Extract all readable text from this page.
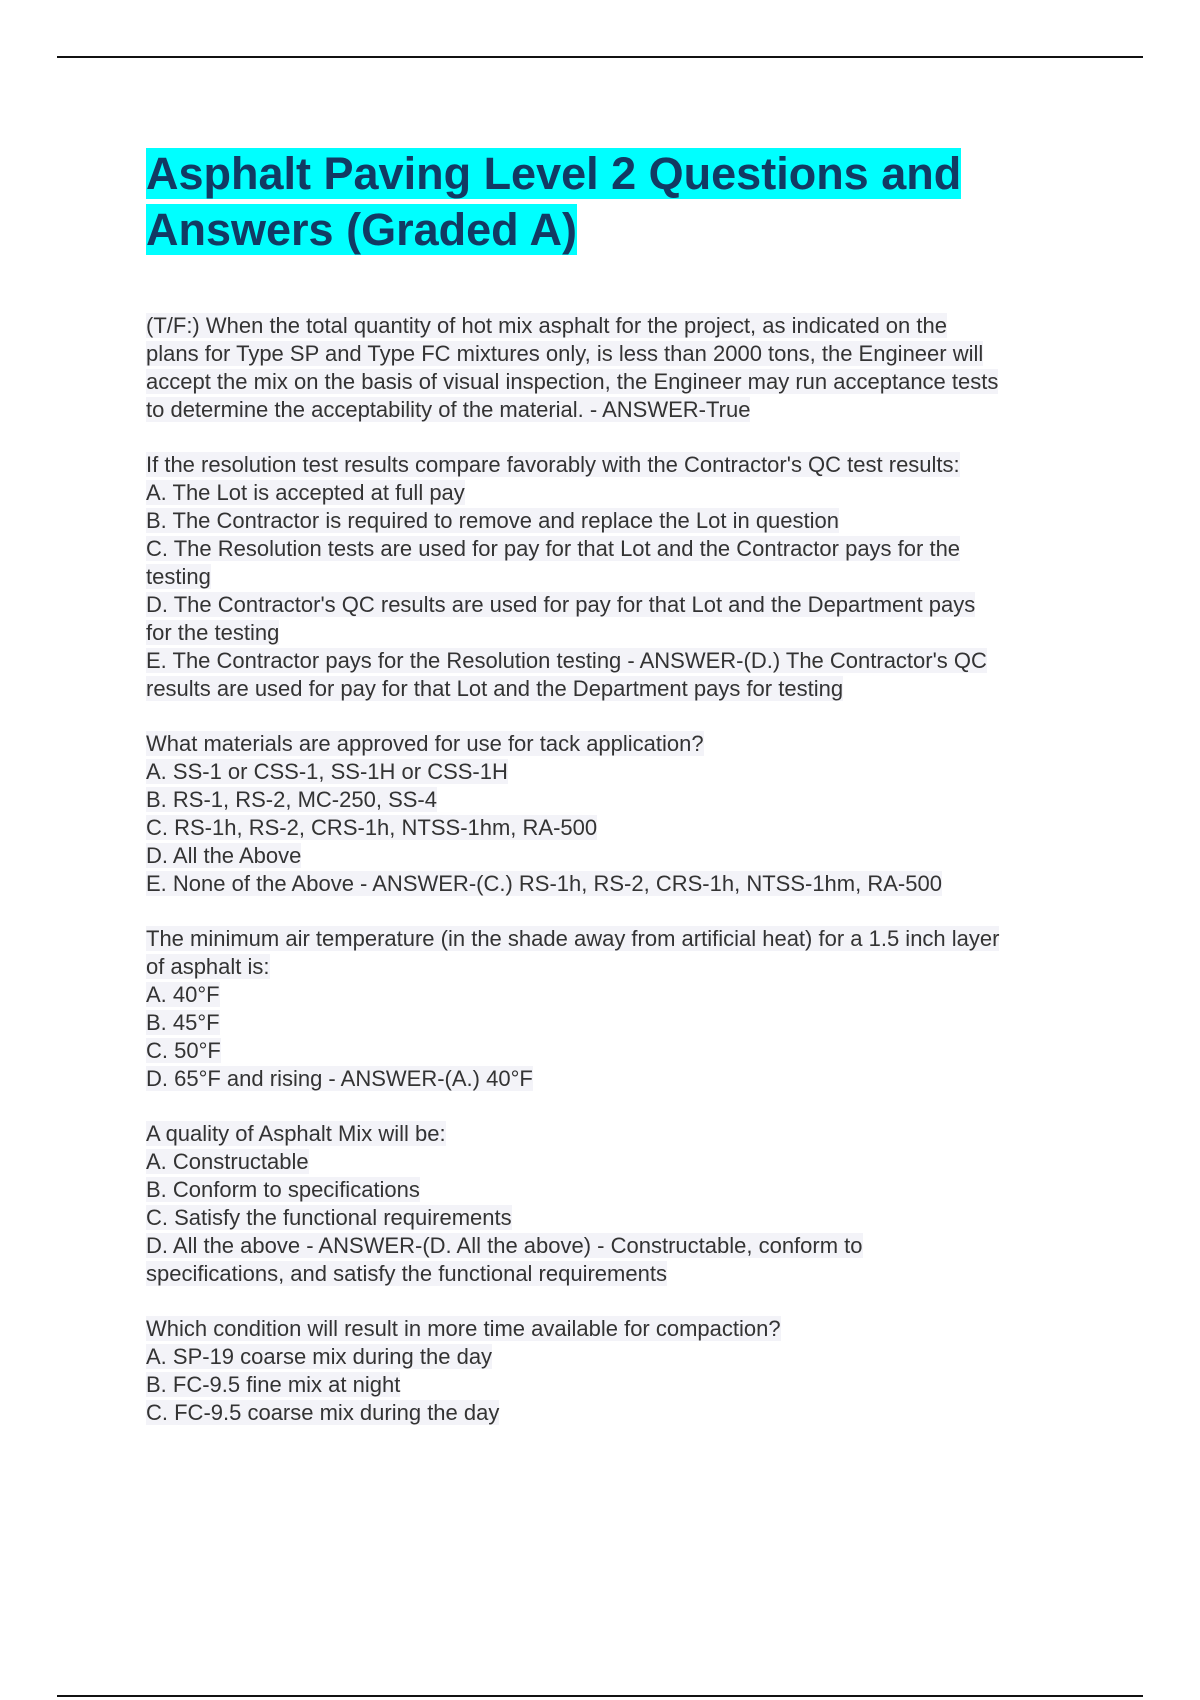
Asphalt Paving Level 2 Questions and
Answers (Graded A)
(T/F:) When the total quantity of hot mix asphalt for the project, as indicated on the
plans for Type SP and Type FC mixtures only, is less than 2000 tons, the Engineer will
accept the mix on the basis of visual inspection, the Engineer may run acceptance tests
to determine the acceptability of the material. - ANSWER-True
If the resolution test results compare favorably with the Contractor's QC test results:
A. The Lot is accepted at full pay
B. The Contractor is required to remove and replace the Lot in question
C. The Resolution tests are used for pay for that Lot and the Contractor pays for the
testing
D. The Contractor's QC results are used for pay for that Lot and the Department pays
for the testing
E. The Contractor pays for the Resolution testing - ANSWER-(D.) The Contractor's QC
results are used for pay for that Lot and the Department pays for testing
What materials are approved for use for tack application?
A. SS-1 or CSS-1, SS-1H or CSS-1H
B. RS-1, RS-2, MC-250, SS-4
C. RS-1h, RS-2, CRS-1h, NTSS-1hm, RA-500
D. All the Above
E. None of the Above - ANSWER-(C.) RS-1h, RS-2, CRS-1h, NTSS-1hm, RA-500
The minimum air temperature (in the shade away from artificial heat) for a 1.5 inch layer
of asphalt is:
A. 40°F
B. 45°F
C. 50°F
D. 65°F and rising - ANSWER-(A.) 40°F
A quality of Asphalt Mix will be:
A. Constructable
B. Conform to specifications
C. Satisfy the functional requirements
D. All the above - ANSWER-(D. All the above) - Constructable, conform to
specifications, and satisfy the functional requirements
Which condition will result in more time available for compaction?
A. SP-19 coarse mix during the day
B. FC-9.5 fine mix at night
C. FC-9.5 coarse mix during the day
